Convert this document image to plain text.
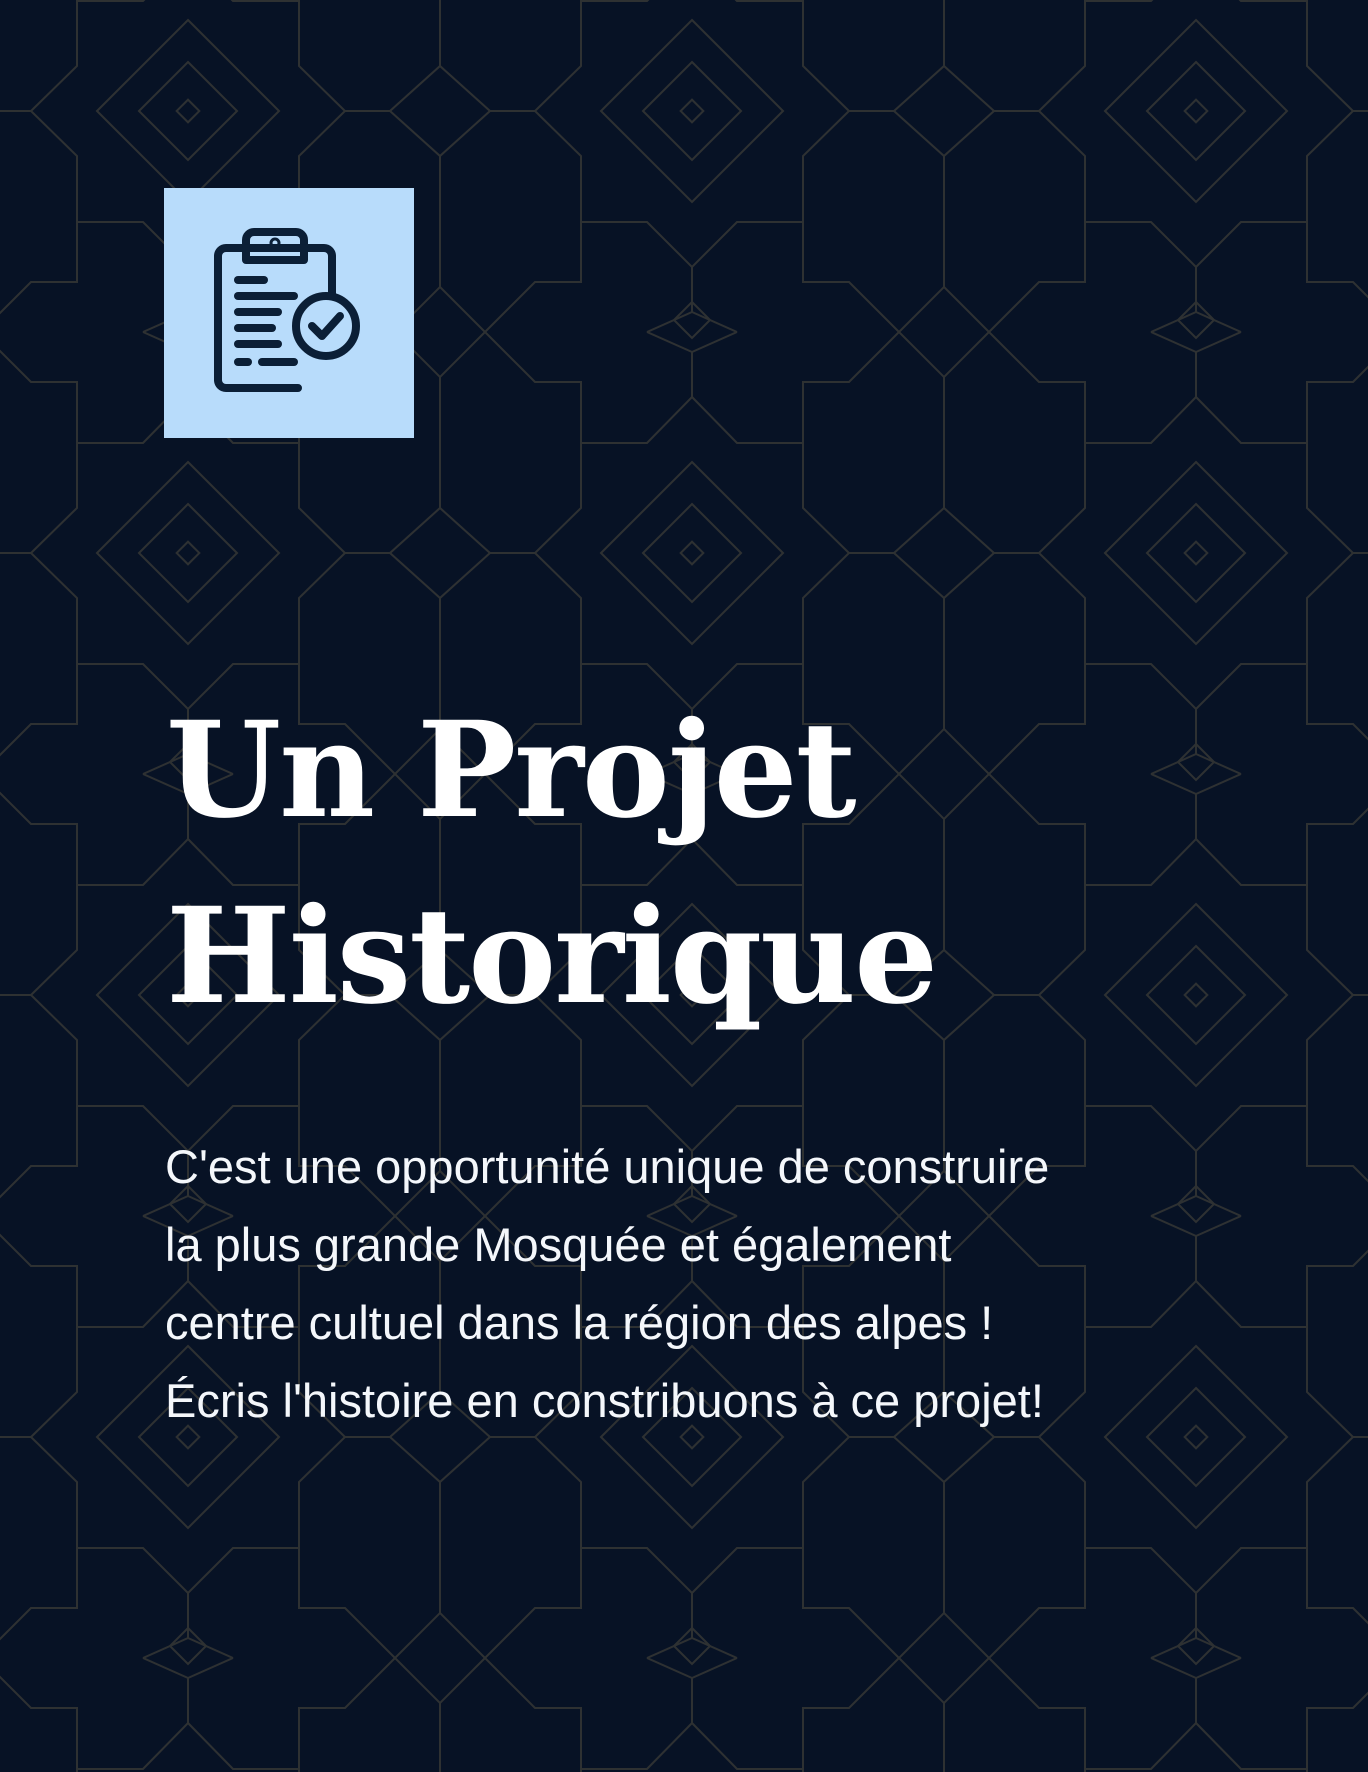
Un Projet
Historique

C'est une opportunité unique de construire
la plus grande Mosquée et également
centre cultuel dans la région des alpes !
Écris l'histoire en constribuons à ce projet!
